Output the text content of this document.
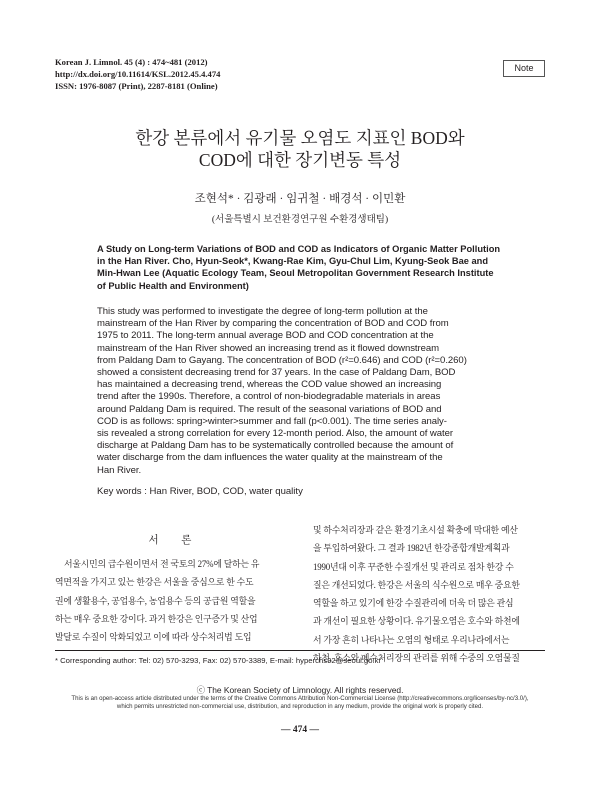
Korean J. Limnol. 45 (4) : 474~481 (2012)
http://dx.doi.org/10.11614/KSL.2012.45.4.474
ISSN: 1976-8087 (Print), 2287-8181 (Online)
Note
한강 본류에서 유기물 오염도 지표인 BOD와
COD에 대한 장기변동 특성
조현석* · 김광래 · 임귀철 · 배경석 · 이민환
(서울특별시 보건환경연구원 수환경생태팀)
A Study on Long-term Variations of BOD and COD as Indicators of Organic Matter Pollution
in the Han River. Cho, Hyun-Seok*, Kwang-Rae Kim, Gyu-Chul Lim, Kyung-Seok Bae and
Min-Hwan Lee (Aquatic Ecology Team, Seoul Metropolitan Government Research Institute
of Public Health and Environment)
This study was performed to investigate the degree of long-term pollution at the
mainstream of the Han River by comparing the concentration of BOD and COD from
1975 to 2011. The long-term annual average BOD and COD concentration at the
mainstream of the Han River showed an increasing trend as it flowed downstream
from Paldang Dam to Gayang. The concentration of BOD (r²=0.646) and COD (r²=0.260)
showed a consistent decreasing trend for 37 years. In the case of Paldang Dam, BOD
has maintained a decreasing trend, whereas the COD value showed an increasing
trend after the 1990s. Therefore, a control of non-biodegradable materials in areas
around Paldang Dam is required. The result of the seasonal variations of BOD and
COD is as follows: spring>winter>summer and fall (p<0.001). The time series analy-
sis revealed a strong correlation for every 12-month period. Also, the amount of water
discharge at Paldang Dam has to be systematically controlled because the amount of
water discharge from the dam influences the water quality at the mainstream of the
Han River.
Key words : Han River, BOD, COD, water quality
서 론
서울시민의 급수원이면서 전 국토의 27%에 달하는 유
역면적을 가지고 있는 한강은 서울을 중심으로 한 수도
권에 생활용수, 공업용수, 농업용수 등의 공급원 역할을
하는 매우 중요한 강이다. 과거 한강은 인구증가 및 산업
발달로 수질이 악화되었고 이에 따라 상수처리법 도입
및 하수처리장과 같은 환경기초시설 확충에 막대한 예산
을 투입하여왔다. 그 결과 1982년 한강종합개발계획과
1990년대 이후 꾸준한 수질개선 및 관리로 점차 한강 수
질은 개선되었다. 한강은 서울의 식수원으로 매우 중요한
역할을 하고 있기에 한강 수질관리에 더욱 더 많은 관심
과 개선이 필요한 상황이다. 유기물오염은 호수와 하천에
서 가장 흔히 나타나는 오염의 형태로 우리나라에서는
하천, 호소와 폐수처리장의 관리를 위해 수중의 오염물질
* Corresponding author: Tel: 02) 570-3293, Fax: 02) 570-3389, E-mail: hyperchs92@seoul.go.kr
ⓒ The Korean Society of Limnology. All rights reserved.
This is an open-access article distributed under the terms of the Creative Commons Attribution Non-Commercial License (http://creativecommons.org/licenses/by-nc/3.0/),
which permits unrestricted non-commercial use, distribution, and reproduction in any medium, provide the original work is properly cited.
— 474 —
